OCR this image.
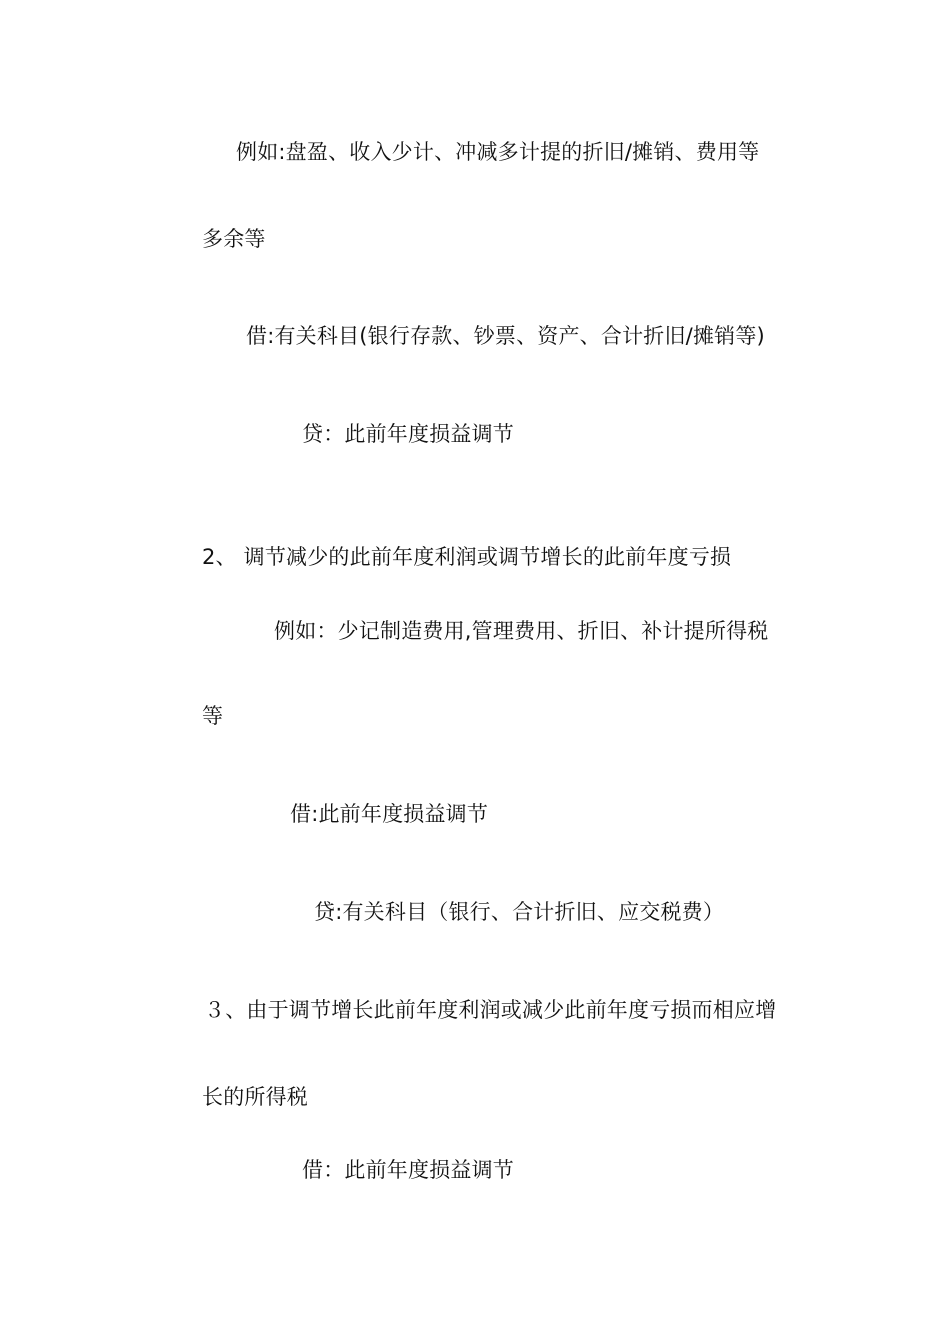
例如:盘盈、收入少计、冲减多计提的折旧/摊销、费用等
多余等
借:有关科目(银行存款、钞票、资产、合计折旧/摊销等)
贷：此前年度损益调节
2、 调节减少的此前年度利润或调节增长的此前年度亏损
例如：少记制造费用,管理费用、折旧、补计提所得税
等
借:此前年度损益调节
贷:有关科目（银行、合计折旧、应交税费）
３、由于调节增长此前年度利润或减少此前年度亏损而相应增
长的所得税
借：此前年度损益调节
